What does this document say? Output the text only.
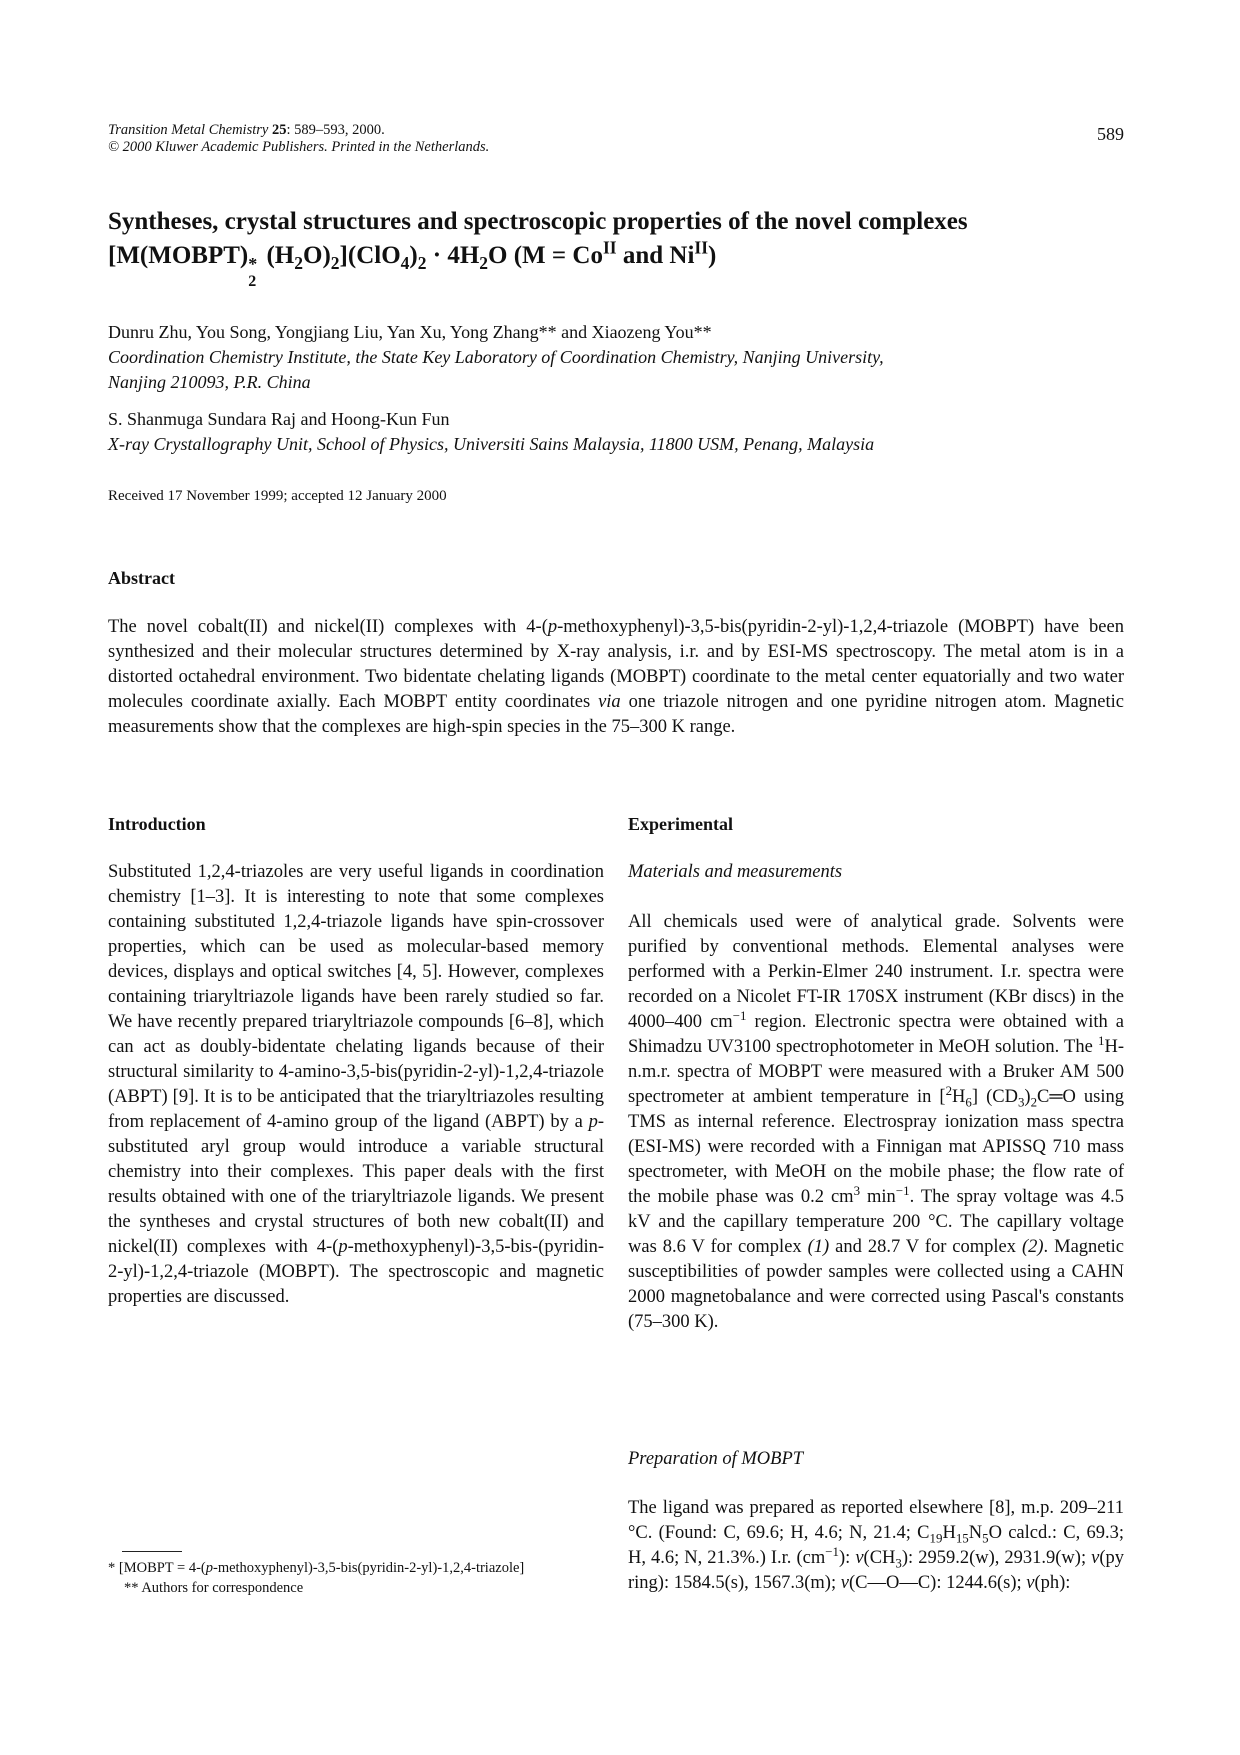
Transition Metal Chemistry 25: 589–593, 2000.
© 2000 Kluwer Academic Publishers. Printed in the Netherlands.
589
Syntheses, crystal structures and spectroscopic properties of the novel complexes
[M(MOBPT) *
2
$(H_2O)_2](ClO_4)_2 \cdot 4H_2O$ ($M = Co^{II}$ and $Ni^{II}$)
Dunru Zhu, You Song, Yongjiang Liu, Yan Xu, Yong Zhang** and Xiaozeng You**
Coordination Chemistry Institute, the State Key Laboratory of Coordination Chemistry, Nanjing University,
Nanjing 210093, P.R. China
S. Shanmuga Sundara Raj and Hoong-Kun Fun
X-ray Crystallography Unit, School of Physics, Universiti Sains Malaysia, 11800 USM, Penang, Malaysia
Received 17 November 1999; accepted 12 January 2000
Abstract
The novel cobalt(II) and nickel(II) complexes with 4-(p-methoxyphenyl)-3,5-bis(pyridin-2-yl)-1,2,4-triazole (MOBPT) have been synthesized and their molecular structures determined by X-ray analysis, i.r. and by ESI-MS spectroscopy. The metal atom is in a distorted octahedral environment. Two bidentate chelating ligands (MOBPT) coordinate to the metal center equatorially and two water molecules coordinate axially. Each MOBPT entity coordinates via one triazole nitrogen and one pyridine nitrogen atom. Magnetic measurements show that the complexes are high-spin species in the 75–300 K range.
Introduction
Substituted 1,2,4-triazoles are very useful ligands in coordination chemistry [1–3]. It is interesting to note that some complexes containing substituted 1,2,4-triazole ligands have spin-crossover properties, which can be used as molecular-based memory devices, displays and optical switches [4, 5]. However, complexes containing triaryltriazole ligands have been rarely studied so far. We have recently prepared triaryltriazole compounds [6–8], which can act as doubly-bidentate chelating ligands because of their structural similarity to 4-amino-3,5-bis(pyridin-2-yl)-1,2,4-triazole (ABPT) [9]. It is to be anticipated that the triaryltriazoles resulting from replacement of 4-amino group of the ligand (ABPT) by a p-substituted aryl group would introduce a variable structural chemistry into their complexes. This paper deals with the first results obtained with one of the triaryltriazole ligands. We present the syntheses and crystal structures of both new cobalt(II) and nickel(II) complexes with 4-(p-methoxyphenyl)-3,5-bis-(pyridin-2-yl)-1,2,4-triazole (MOBPT). The spectroscopic and magnetic properties are discussed.
* [MOBPT = 4-(p-methoxyphenyl)-3,5-bis(pyridin-2-yl)-1,2,4-triazole]
** Authors for correspondence
Experimental
Materials and measurements
All chemicals used were of analytical grade. Solvents were purified by conventional methods. Elemental analyses were performed with a Perkin-Elmer 240 instrument. I.r. spectra were recorded on a Nicolet FT-IR 170SX instrument (KBr discs) in the 4000–400 $cm^{-1}$ region. Electronic spectra were obtained with a Shimadzu UV3100 spectrophotometer in MeOH solution. The $^1$H-n.m.r. spectra of MOBPT were measured with a Bruker AM 500 spectrometer at ambient temperature in $[^2H_6]$ $(CD_3)_2C═O$ using TMS as internal reference. Electrospray ionization mass spectra (ESI-MS) were recorded with a Finnigan mat APISSQ 710 mass spectrometer, with MeOH on the mobile phase; the flow rate of the mobile phase was 0.2 $cm^3$ $\min^{-1}$. The spray voltage was 4.5 kV and the capillary temperature 200 °C. The capillary voltage was 8.6 V for complex (1) and 28.7 V for complex (2). Magnetic susceptibilities of powder samples were collected using a CAHN 2000 magnetobalance and were corrected using Pascal's constants (75–300 K).
Preparation of MOBPT
The ligand was prepared as reported elsewhere [8], m.p. 209–211 °C. (Found: C, 69.6; H, 4.6; N, 21.4; $C_{19}H_{15}N_5O$ calcd.: C, 69.3; H, 4.6; N, 21.3%.) I.r. $(cm^{-1})$: $\nu(CH_3)$: 2959.2(w), 2931.9(w); ν(py ring): 1584.5(s), 1567.3(m); ν(C—O—C): 1244.6(s); ν(ph):
